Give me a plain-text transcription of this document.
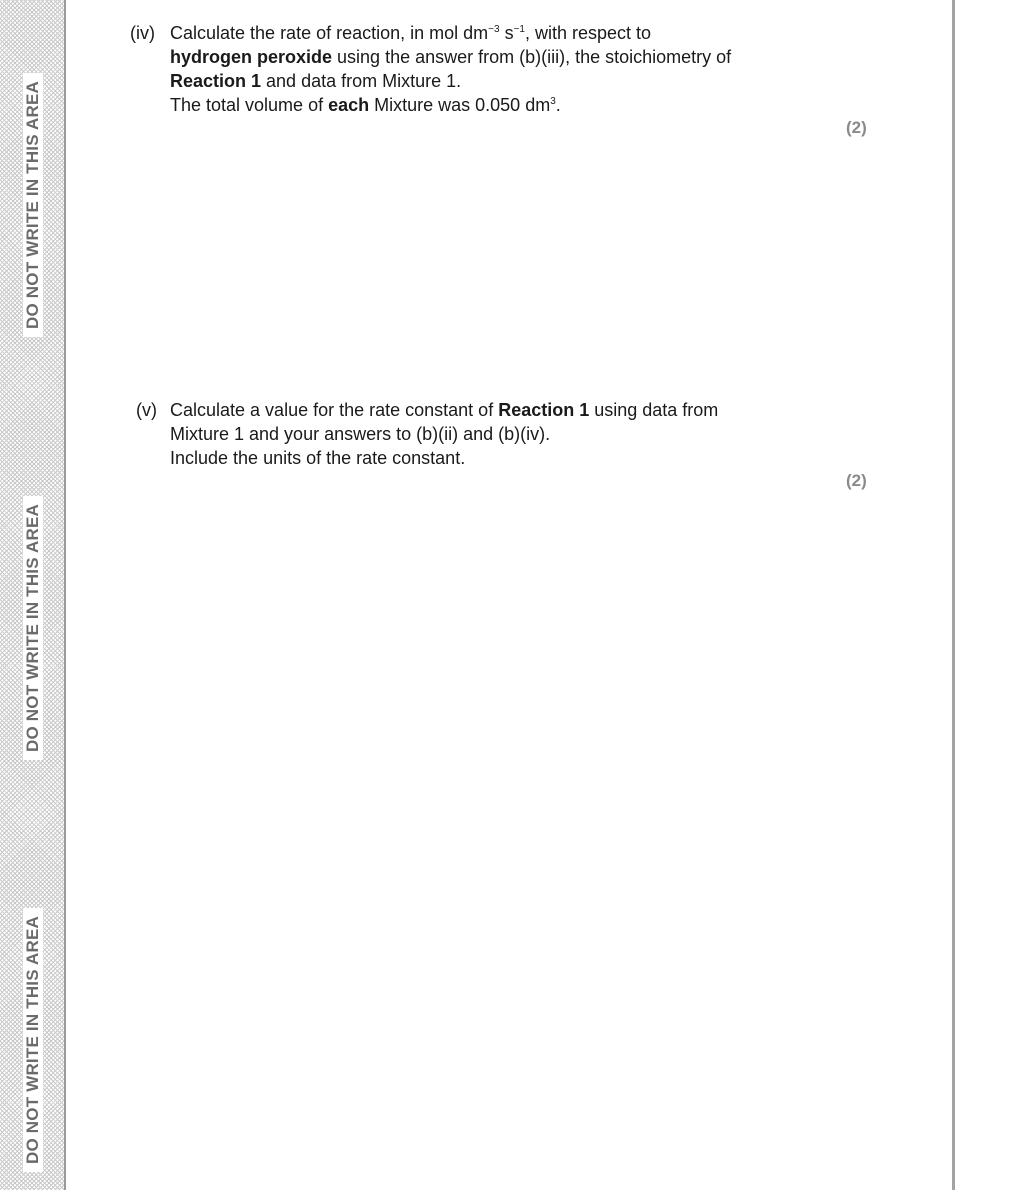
DO NOT WRITE IN THIS AREA
DO NOT WRITE IN THIS AREA
DO NOT WRITE IN THIS AREA
(iv) Calculate the rate of reaction, in mol $dm^{-3}$ $s^{-1}$, with respect to
hydrogen peroxide using the answer from (b)(iii), the stoichiometry of
Reaction 1 and data from Mixture 1.
The total volume of each Mixture was 0.050 $dm^3$.
(2)
(v) Calculate a value for the rate constant of Reaction 1 using data from
Mixture 1 and your answers to (b)(ii) and (b)(iv).
Include the units of the rate constant.
(2)
